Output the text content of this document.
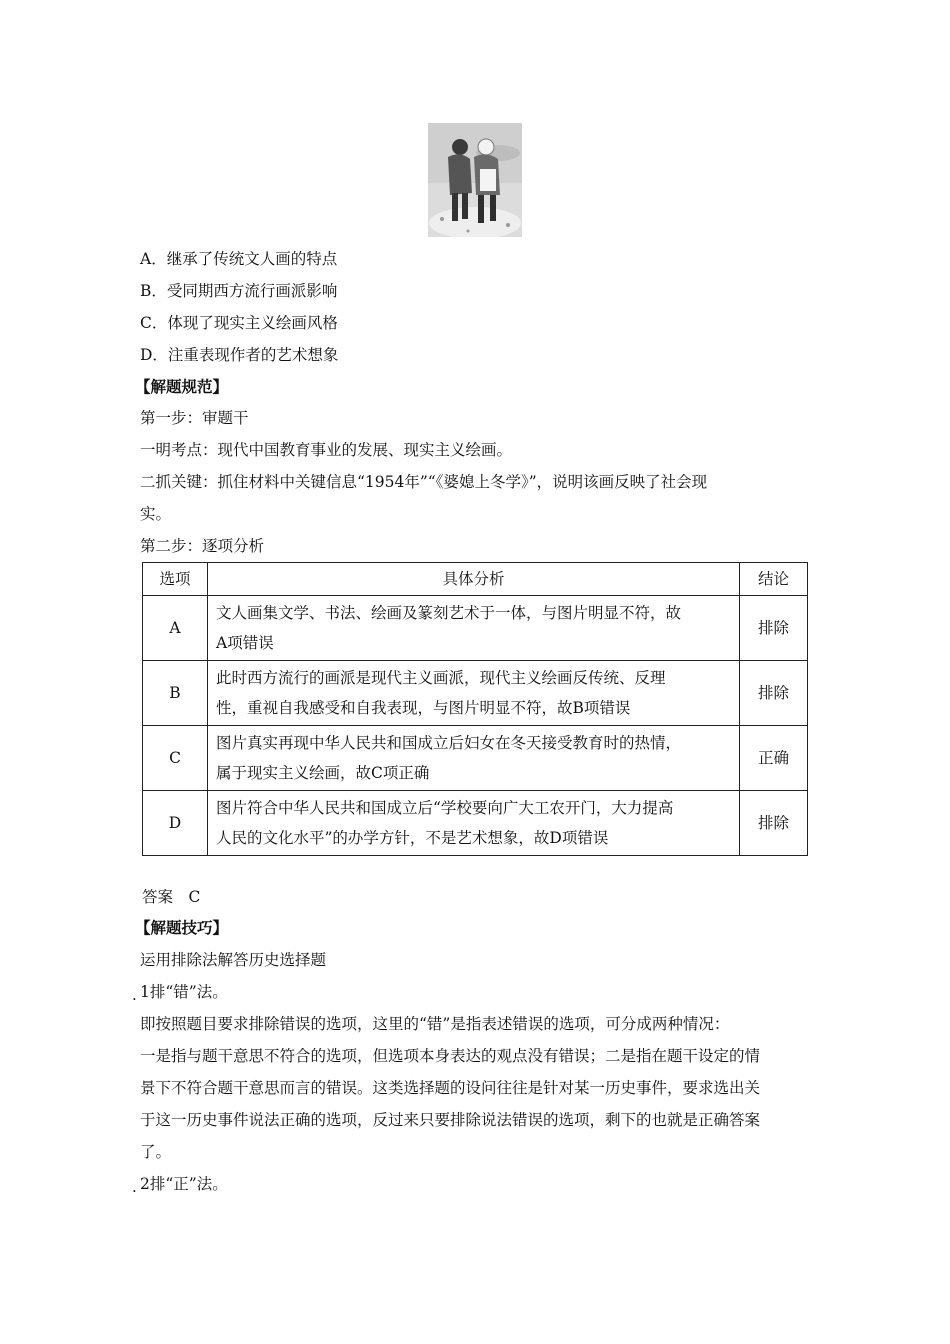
A．继承了传统文人画的特点
B．受同期西方流行画派影响
C．体现了现实主义绘画风格
D．注重表现作者的艺术想象
【解题规范】
第一步：审题干
一明考点：现代中国教育事业的发展、现实主义绘画。
二抓关键：抓住材料中关键信息“1954年”“《婆媳上冬学》”，说明该画反映了社会现
实。
第二步：逐项分析
选项	具体分析	结论
A	文人画集文学、书法、绘画及篆刻艺术于一体，与图片明显不符，故
A项错误	排除
B	此时西方流行的画派是现代主义画派，现代主义绘画反传统、反理
性，重视自我感受和自我表现，与图片明显不符，故B项错误	排除
C	图片真实再现中华人民共和国成立后妇女在冬天接受教育时的热情，
属于现实主义绘画，故C项正确	正确
D	图片符合中华人民共和国成立后“学校要向广大工农开门，大力提高
人民的文化水平”的办学方针，不是艺术想象，故D项错误	排除
答案　C
【解题技巧】
运用排除法解答历史选择题
. 1排“错”法。
即按照题目要求排除错误的选项，这里的“错”是指表述错误的选项，可分成两种情况：
一是指与题干意思不符合的选项，但选项本身表达的观点没有错误；二是指在题干设定的情
景下不符合题干意思而言的错误。这类选择题的设问往往是针对某一历史事件，要求选出关
于这一历史事件说法正确的选项，反过来只要排除说法错误的选项，剩下的也就是正确答案
了。
. 2排“正”法。
